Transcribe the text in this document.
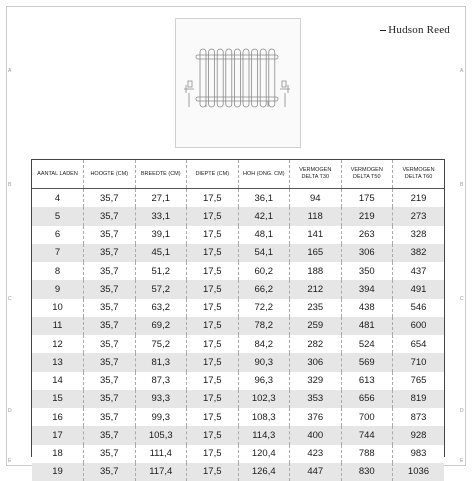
A
B
C
D
E
A
B
C
D
E
Hudson Reed
AANTAL LADEN	HOOGTE (CM)	BREEDTE (CM)	DIEPTE (CM)	HOH (ONG. CM)	VERMOGEN DELTA T30	VERMOGEN DELTA T50	VERMOGEN DELTA T60
4	35,7	27,1	17,5	36,1	94	175	219
5	35,7	33,1	17,5	42,1	118	219	273
6	35,7	39,1	17,5	48,1	141	263	328
7	35,7	45,1	17,5	54,1	165	306	382
8	35,7	51,2	17,5	60,2	188	350	437
9	35,7	57,2	17,5	66,2	212	394	491
10	35,7	63,2	17,5	72,2	235	438	546
11	35,7	69,2	17,5	78,2	259	481	600
12	35,7	75,2	17,5	84,2	282	524	654
13	35,7	81,3	17,5	90,3	306	569	710
14	35,7	87,3	17,5	96,3	329	613	765
15	35,7	93,3	17,5	102,3	353	656	819
16	35,7	99,3	17,5	108,3	376	700	873
17	35,7	105,3	17,5	114,3	400	744	928
18	35,7	111,4	17,5	120,4	423	788	983
19	35,7	117,4	17,5	126,4	447	830	1036
